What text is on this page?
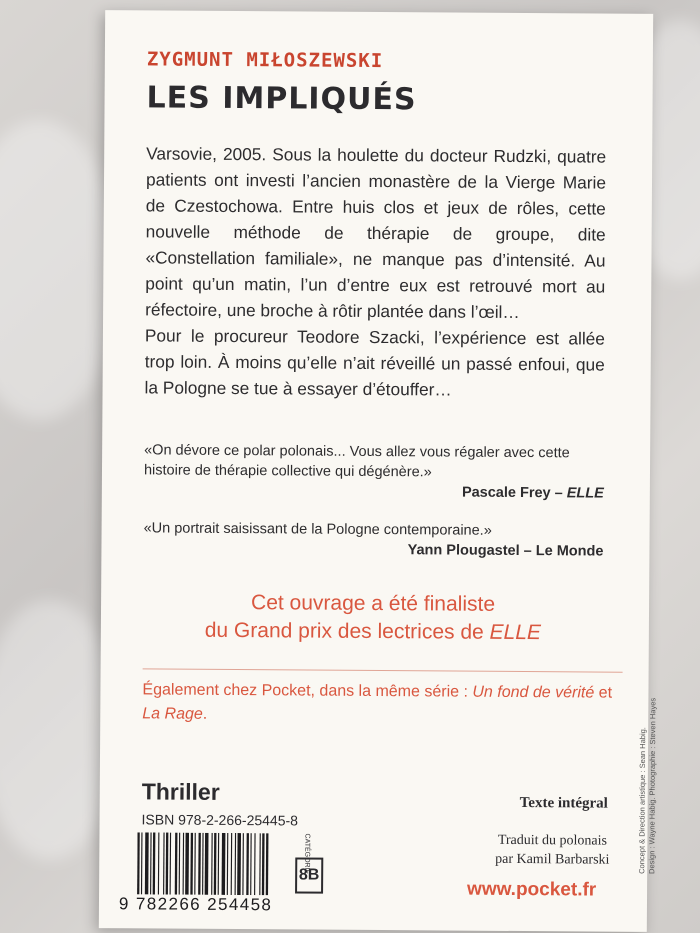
ZYGMUNT MIŁOSZEWSKI
LES IMPLIQUÉS

Varsovie, 2005. Sous la houlette du docteur Rudzki, quatre patients ont investi l’ancien monastère de la Vierge Marie de Czestochowa. Entre huis clos et jeux de rôles, cette nouvelle méthode de thérapie de groupe, dite «Constellation familiale», ne manque pas d’intensité. Au point qu’un matin, l’un d’entre eux est retrouvé mort au réfectoire, une broche à rôtir plantée dans l’œil…

Pour le procureur Teodore Szacki, l’expérience est allée trop loin. À moins qu’elle n’ait réveillé un passé enfoui, que la Pologne se tue à essayer d’étouffer…

«On dévore ce polar polonais... Vous allez vous régaler avec cette histoire de thérapie collective qui dégénère.»

Pascale Frey – ELLE

«Un portrait saisissant de la Pologne contemporaine.»

Yann Plougastel – Le Monde

Cet ouvrage a été finaliste

du Grand prix des lectrices de ELLE

Également chez Pocket, dans la même série : Un fond de vérité et La Rage.

Thriller

ISBN 978-2-266-25445-8

9 782266 254458
CATÉGORIE
8B

Texte intégral

Traduit du polonais

par Kamil Barbarski

www.pocket.fr

Concept & Direction artistique : Sean Habig. Design : Wayne Habig. Photographie : Steven Hayes
